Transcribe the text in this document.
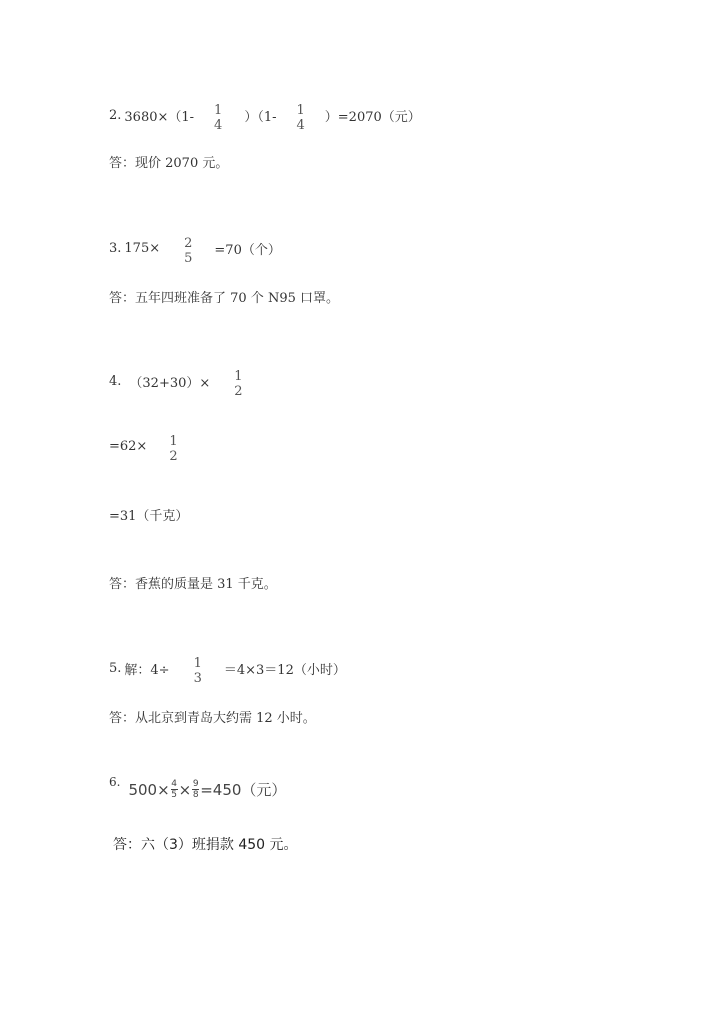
2. 3680×（1- 1
4
）（1- 1
4
）=2070（元）
答：现价 2070 元。
3. 175× 2
5
=70（个）
答：五年四班准备了 70 个 N95 口罩。
4. （32+30）× 1
2
=62× 1
2
=31（千克）
答：香蕉的质量是 31 千克。
5. 解：4÷ 1
3
＝4×3＝12（小时）
答：从北京到青岛大约需 12 小时。
6. 500× 4
5 × 9
8 =450（元）
答：六（3）班捐款 450 元。
